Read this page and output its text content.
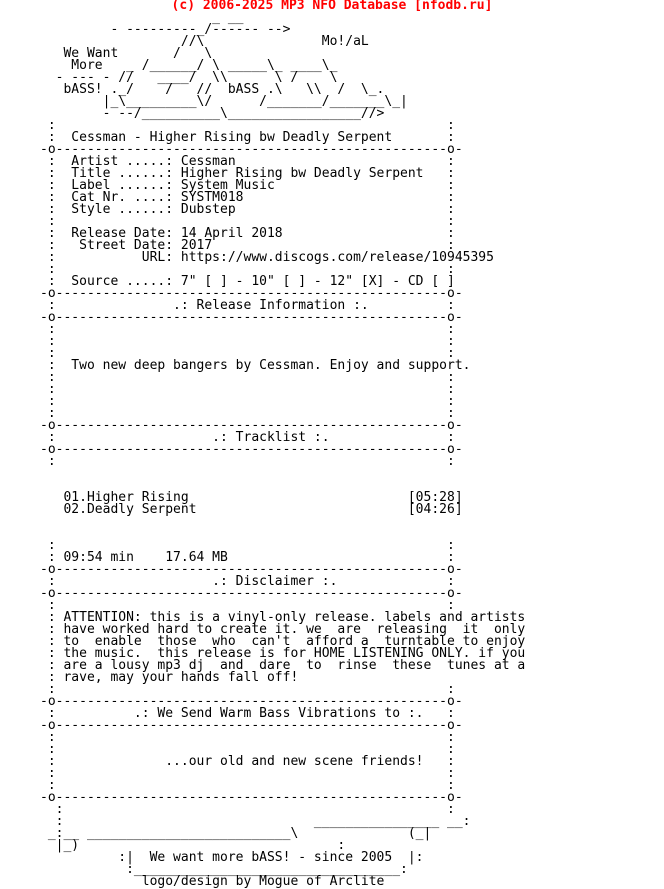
(c) 2006-2025 MP3 NFO Database [nfodb.ru]
_ __
- ---------_/------ -->
//\               Mo!/aL
We Want       /   \
More   _ /______/ \ _____\_ ____\_
- --- - //   ____/  \\      \ /    \
bASS! ._/    /   //  bASS .\   \\  /  \_.
|_\_________\/      /_______/_______\_|
- --/__________\_________________//>
:                                                  :
:  Cessman - Higher Rising bw Deadly Serpent       :
-o--------------------------------------------------o-
:  Artist .....: Cessman                           :
:  Title ......: Higher Rising bw Deadly Serpent   :
:  Label ......: System Music                      :
:  Cat Nr. ....: SYSTM018                          :
:  Style ......: Dubstep                           :
:                                                  :
:  Release Date: 14 April 2018                     :
:   Street Date: 2017                              :
:           URL: https://www.discogs.com/release/10945395
:                                                  :
:  Source .....: 7" [ ] - 10" [ ] - 12" [X] - CD [ ]
-o--------------------------------------------------o-
:               .: Release Information :.          :
-o--------------------------------------------------o-
:                                                  :
:                                                  :
:                                                  :
:  Two new deep bangers by Cessman. Enjoy and support.
:                                                  :
:                                                  :
:                                                  :
:                                                  :
-o--------------------------------------------------o-
:                    .: Tracklist :.               :
-o--------------------------------------------------o-
:                                                  :

01.Higher Rising                            [05:28]
02.Deadly Serpent                           [04:26]

:                                                  :
: 09:54 min    17.64 MB                            :
-o--------------------------------------------------o-
:                    .: Disclaimer :.              :
-o--------------------------------------------------o-
:                                                  :
: ATTENTION: this is a vinyl-only release. labels and artists
: have worked hard to create it. we  are  releasing  it  only
: to  enable  those  who  can't  afford a  turntable to enjoy
: the music.  this release is for HOME LISTENING ONLY. if you
: are a lousy mp3 dj  and  dare  to  rinse  these  tunes at a
: rave, may your hands fall off!
:                                                  :
-o--------------------------------------------------o-
:          .: We Send Warm Bass Vibrations to :.   :
-o--------------------------------------------------o-
:                                                  :
:                                                  :
:              ...our old and new scene friends!   :
:                                                  :
:                                                  :
-o--------------------------------------------------o-
:                                                 :
:                                ________________ __:
_:__ __________________________\              (_|
|_)                                 :
:|  We want more bASS! - since 2005  |:
:__________________________________:
logo/design by Mogue of Arclite
